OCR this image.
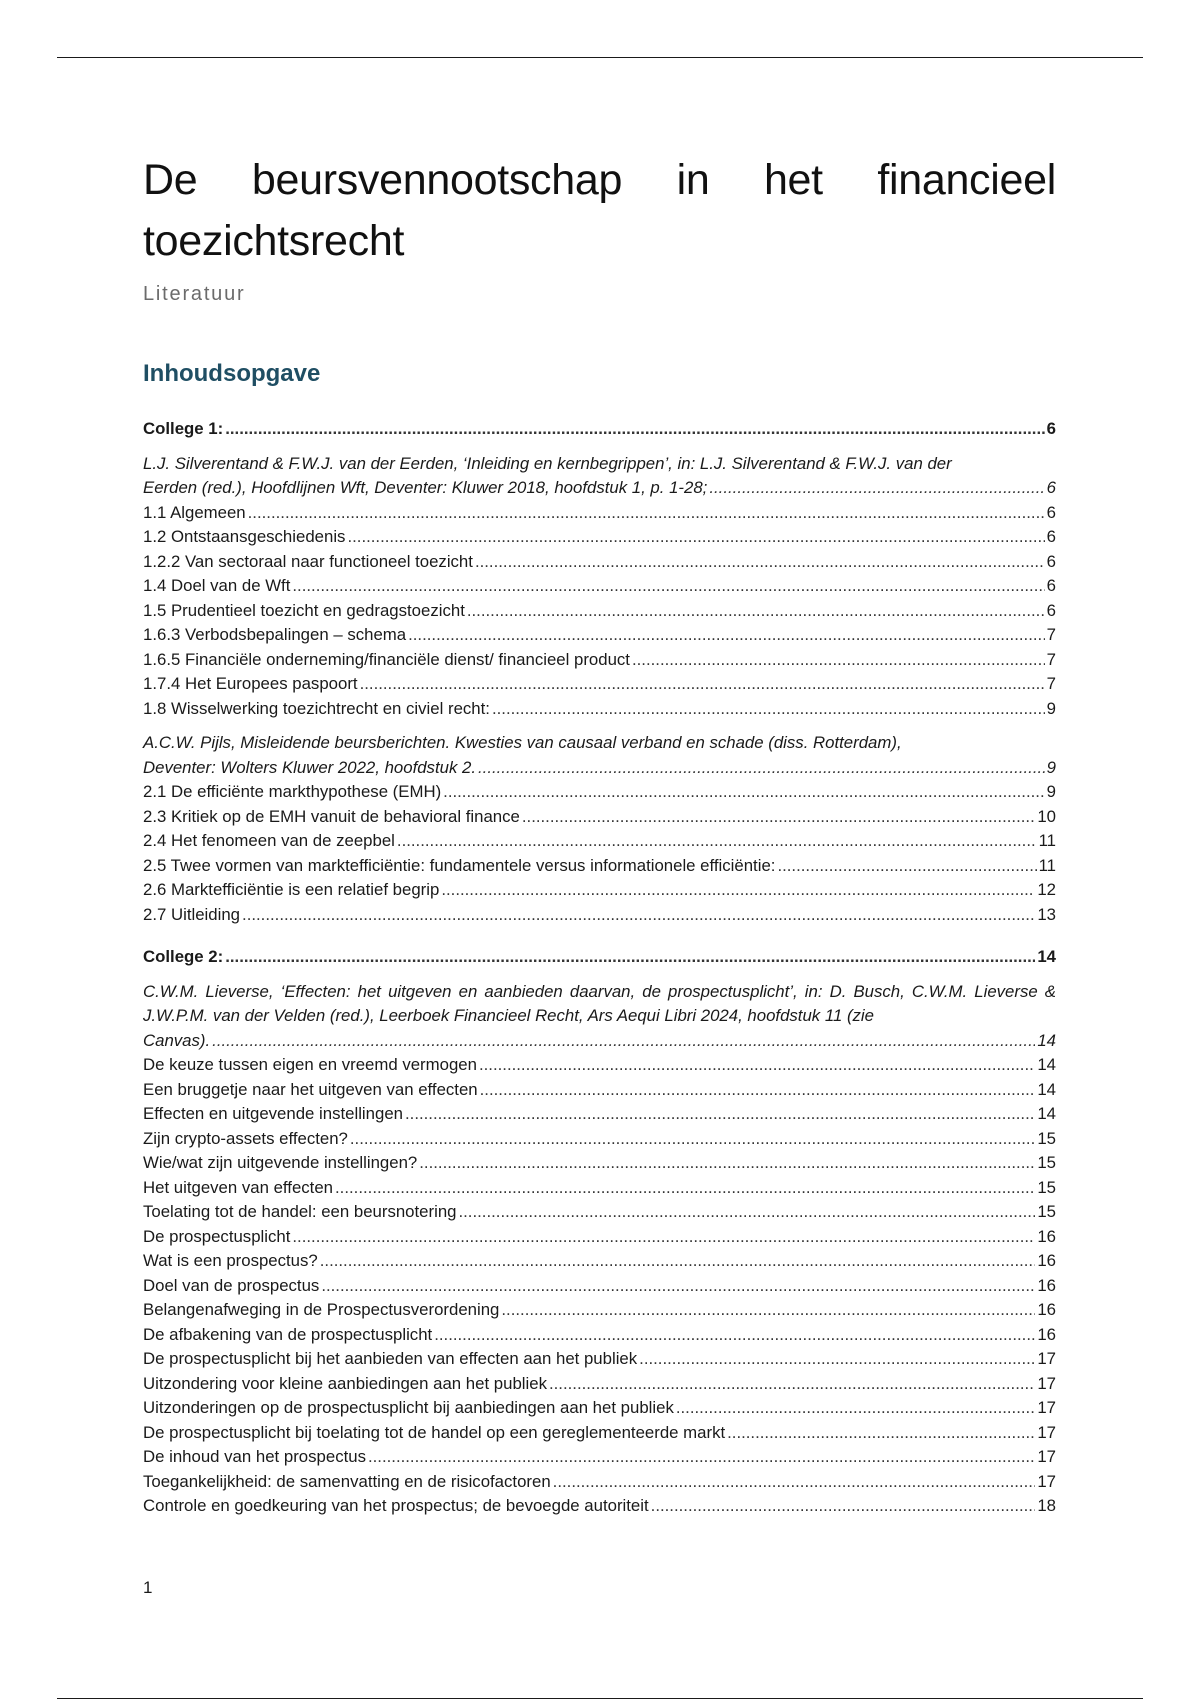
De beursvennootschap in het financieel toezichtsrecht
Literatuur
Inhoudsopgave
College 1: .....	6
L.J. Silverentand & F.W.J. van der Eerden, ‘Inleiding en kernbegrippen’, in: L.J. Silverentand & F.W.J. van der
Eerden (red.), Hoofdlijnen Wft, Deventer: Kluwer 2018, hoofdstuk 1, p. 1-28; .....	6
1.1 Algemeen .....	6
1.2 Ontstaansgeschiedenis .....	6
1.2.2 Van sectoraal naar functioneel toezicht .....	6
1.4 Doel van de Wft .....	6
1.5 Prudentieel toezicht en gedragstoezicht .....	6
1.6.3 Verbodsbepalingen – schema .....	7
1.6.5 Financiële onderneming/financiële dienst/ financieel product .....	7
1.7.4 Het Europees paspoort .....	7
1.8 Wisselwerking toezichtrecht en civiel recht: .....	9
A.C.W. Pijls, Misleidende beursberichten. Kwesties van causaal verband en schade (diss. Rotterdam),
Deventer: Wolters Kluwer 2022, hoofdstuk 2. .....	9
2.1 De efficiënte markthypothese (EMH) .....	9
2.3 Kritiek op de EMH vanuit de behavioral finance .....	10
2.4 Het fenomeen van de zeepbel .....	11
2.5 Twee vormen van marktefficiëntie: fundamentele versus informationele efficiëntie: .....	11
2.6 Marktefficiëntie is een relatief begrip .....	12
2.7 Uitleiding .....	13
College 2: .....	14
C.W.M. Lieverse, ‘Effecten: het uitgeven en aanbieden daarvan, de prospectusplicht’, in: D. Busch, C.W.M. Lieverse & J.W.P.M. van der Velden (red.), Leerboek Financieel Recht, Ars Aequi Libri 2024, hoofdstuk 11 (zie
Canvas). .....	14
De keuze tussen eigen en vreemd vermogen .....	14
Een bruggetje naar het uitgeven van effecten .....	14
Effecten en uitgevende instellingen .....	14
Zijn crypto-assets effecten? .....	15
Wie/wat zijn uitgevende instellingen? .....	15
Het uitgeven van effecten .....	15
Toelating tot de handel: een beursnotering .....	15
De prospectusplicht .....	16
Wat is een prospectus? .....	16
Doel van de prospectus .....	16
Belangenafweging in de Prospectusverordening .....	16
De afbakening van de prospectusplicht .....	16
De prospectusplicht bij het aanbieden van effecten aan het publiek .....	17
Uitzondering voor kleine aanbiedingen aan het publiek .....	17
Uitzonderingen op de prospectusplicht bij aanbiedingen aan het publiek .....	17
De prospectusplicht bij toelating tot de handel op een gereglementeerde markt .....	17
De inhoud van het prospectus .....	17
Toegankelijkheid: de samenvatting en de risicofactoren .....	17
Controle en goedkeuring van het prospectus; de bevoegde autoriteit .....	18
1
